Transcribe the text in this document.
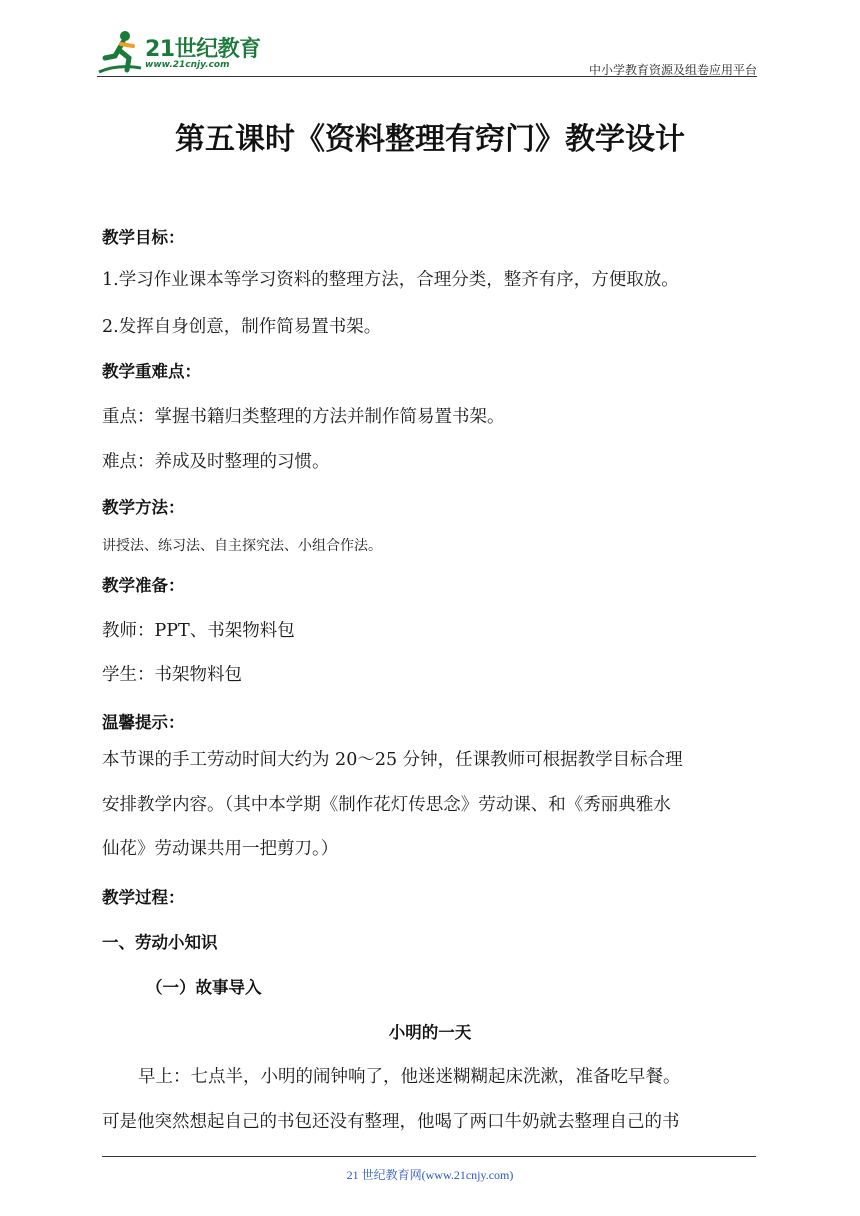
21世纪教育
www.21cnjy.com	中小学教育资源及组卷应用平台
第五课时《资料整理有窍门》教学设计
教学目标：
1.学习作业课本等学习资料的整理方法，合理分类，整齐有序，方便取放。
2.发挥自身创意，制作简易置书架。
教学重难点：
重点：掌握书籍归类整理的方法并制作简易置书架。
难点：养成及时整理的习惯。
教学方法：
讲授法、练习法、自主探究法、小组合作法。
教学准备：
教师：PPT、书架物料包
学生：书架物料包
温馨提示：
本节课的手工劳动时间大约为 20～25 分钟，任课教师可根据教学目标合理
安排教学内容。（其中本学期《制作花灯传思念》劳动课、和《秀丽典雅水
仙花》劳动课共用一把剪刀。）
教学过程：
一、劳动小知识
（一）故事导入
小明的一天
早上：七点半，小明的闹钟响了，他迷迷糊糊起床洗漱，准备吃早餐。
可是他突然想起自己的书包还没有整理，他喝了两口牛奶就去整理自己的书
21 世纪教育网(www.21cnjy.com)
